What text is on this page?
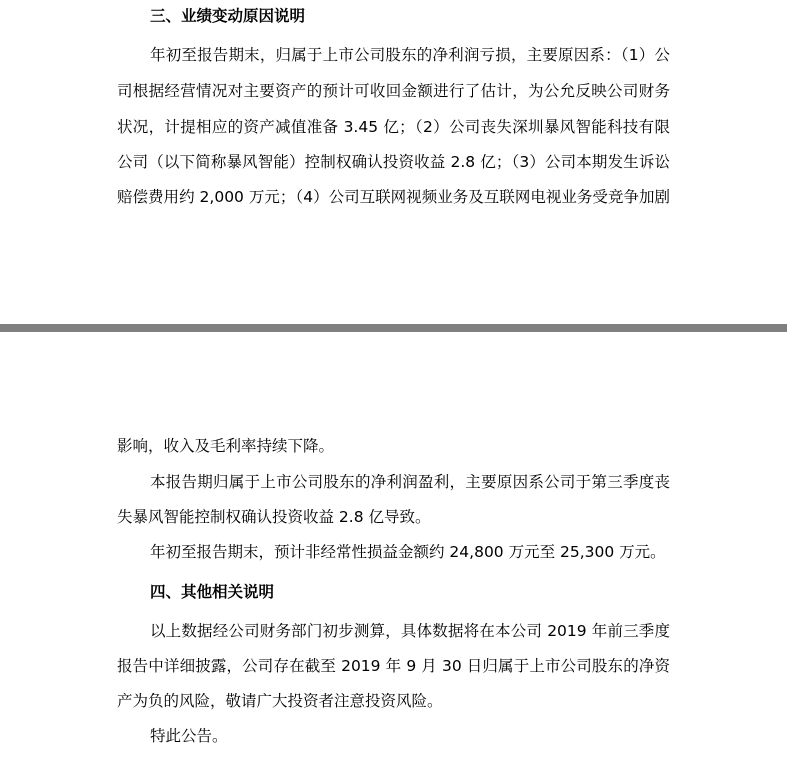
三、业绩变动原因说明
年初至报告期末，归属于上市公司股东的净利润亏损，主要原因系：（1）公
司根据经营情况对主要资产的预计可收回金额进行了估计，为公允反映公司财务
状况，计提相应的资产减值准备 3.45 亿；（2）公司丧失深圳暴风智能科技有限
公司（以下简称暴风智能）控制权确认投资收益 2.8 亿；（3）公司本期发生诉讼
赔偿费用约 2,000 万元；（4）公司互联网视频业务及互联网电视业务受竞争加剧
影响，收入及毛利率持续下降。
本报告期归属于上市公司股东的净利润盈利，主要原因系公司于第三季度丧
失暴风智能控制权确认投资收益 2.8 亿导致。
年初至报告期末，预计非经常性损益金额约 24,800 万元至 25,300 万元。
四、其他相关说明
以上数据经公司财务部门初步测算，具体数据将在本公司 2019 年前三季度
报告中详细披露，公司存在截至 2019 年 9 月 30 日归属于上市公司股东的净资
产为负的风险，敬请广大投资者注意投资风险。
特此公告。
